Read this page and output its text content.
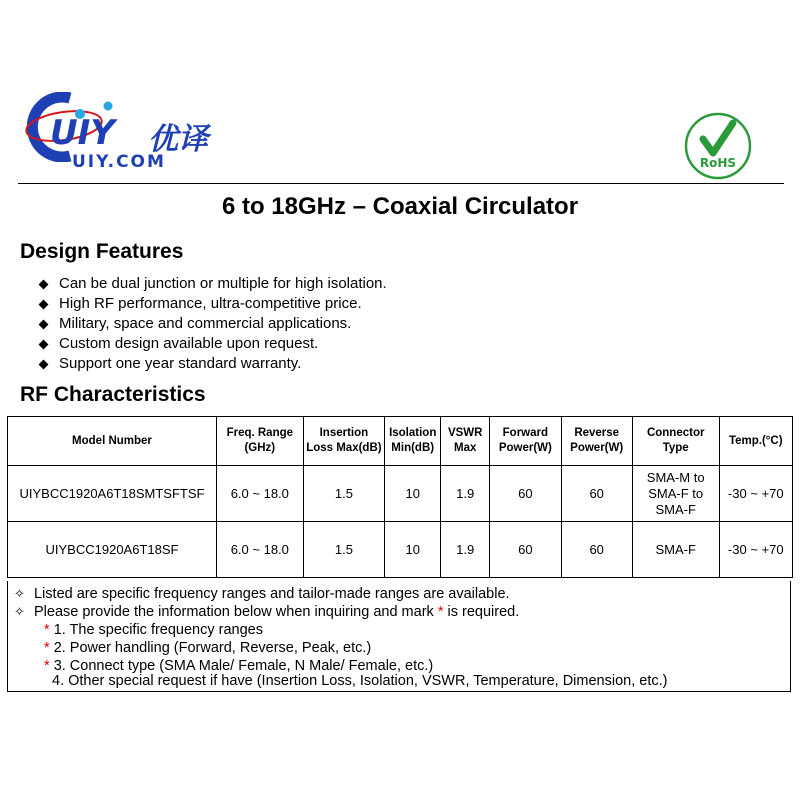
UIY 优译
UIY.COM	RoHS
6 to 18GHz – Coaxial Circulator
Design Features
Can be dual junction or multiple for high isolation.
High RF performance, ultra-competitive price.
Military, space and commercial applications.
Custom design available upon request.
Support one year standard warranty.
RF Characteristics
Model Number	Freq. Range (GHz)	Insertion Loss Max(dB)	Isolation Min(dB)	VSWR Max	Forward Power(W)	Reverse Power(W)	Connector Type	Temp.(°C)
UIYBCC1920A6T18SMTSFTSF	6.0 ~ 18.0	1.5	10	1.9	60	60	SMA-M to SMA-F to SMA-F	-30 ~ +70
UIYBCC1920A6T18SF	6.0 ~ 18.0	1.5	10	1.9	60	60	SMA-F	-30 ~ +70
✧ Listed are specific frequency ranges and tailor-made ranges are available.
✧ Please provide the information below when inquiring and mark * is required.
* 1. The specific frequency ranges
* 2. Power handling (Forward, Reverse, Peak, etc.)
* 3. Connect type (SMA Male/ Female, N Male/ Female, etc.)
4. Other special request if have (Insertion Loss, Isolation, VSWR, Temperature, Dimension, etc.)
